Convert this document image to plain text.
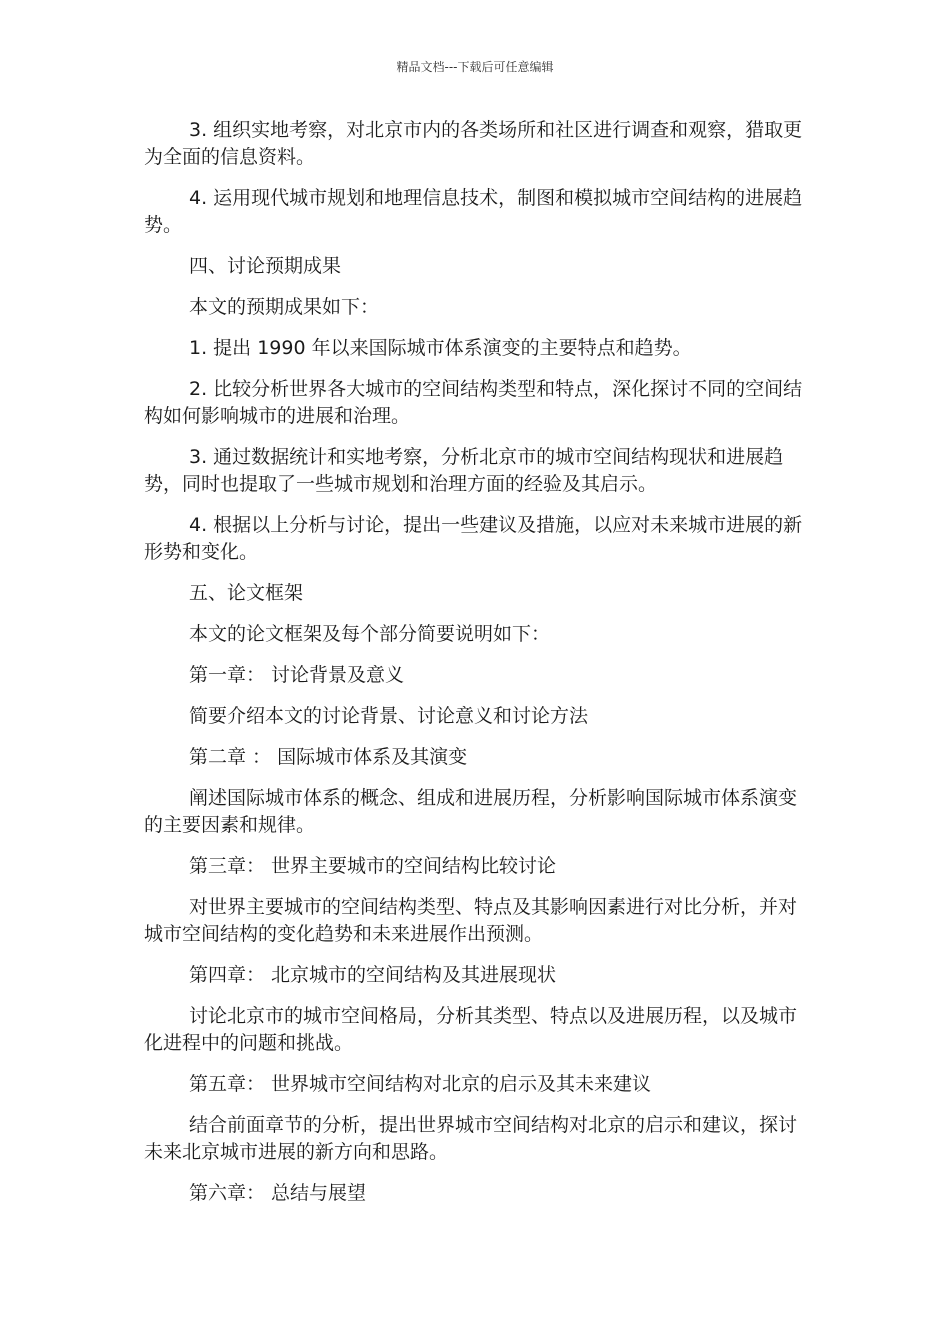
精品文档---下载后可任意编辑

3. 组织实地考察，对北京市内的各类场所和社区进行调查和观察，猎取更为全面的信息资料。

4. 运用现代城市规划和地理信息技术，制图和模拟城市空间结构的进展趋势。

四、讨论预期成果

本文的预期成果如下：

1. 提出 1990 年以来国际城市体系演变的主要特点和趋势。

2. 比较分析世界各大城市的空间结构类型和特点，深化探讨不同的空间结构如何影响城市的进展和治理。

3. 通过数据统计和实地考察，分析北京市的城市空间结构现状和进展趋势，同时也提取了一些城市规划和治理方面的经验及其启示。

4. 根据以上分析与讨论，提出一些建议及措施，以应对未来城市进展的新形势和变化。

五、论文框架

本文的论文框架及每个部分简要说明如下：

第一章： 讨论背景及意义

简要介绍本文的讨论背景、讨论意义和讨论方法

第二章 ： 国际城市体系及其演变

阐述国际城市体系的概念、组成和进展历程，分析影响国际城市体系演变的主要因素和规律。

第三章： 世界主要城市的空间结构比较讨论

对世界主要城市的空间结构类型、特点及其影响因素进行对比分析，并对城市空间结构的变化趋势和未来进展作出预测。

第四章： 北京城市的空间结构及其进展现状

讨论北京市的城市空间格局，分析其类型、特点以及进展历程，以及城市化进程中的问题和挑战。

第五章： 世界城市空间结构对北京的启示及其未来建议

结合前面章节的分析，提出世界城市空间结构对北京的启示和建议，探讨未来北京城市进展的新方向和思路。

第六章： 总结与展望
